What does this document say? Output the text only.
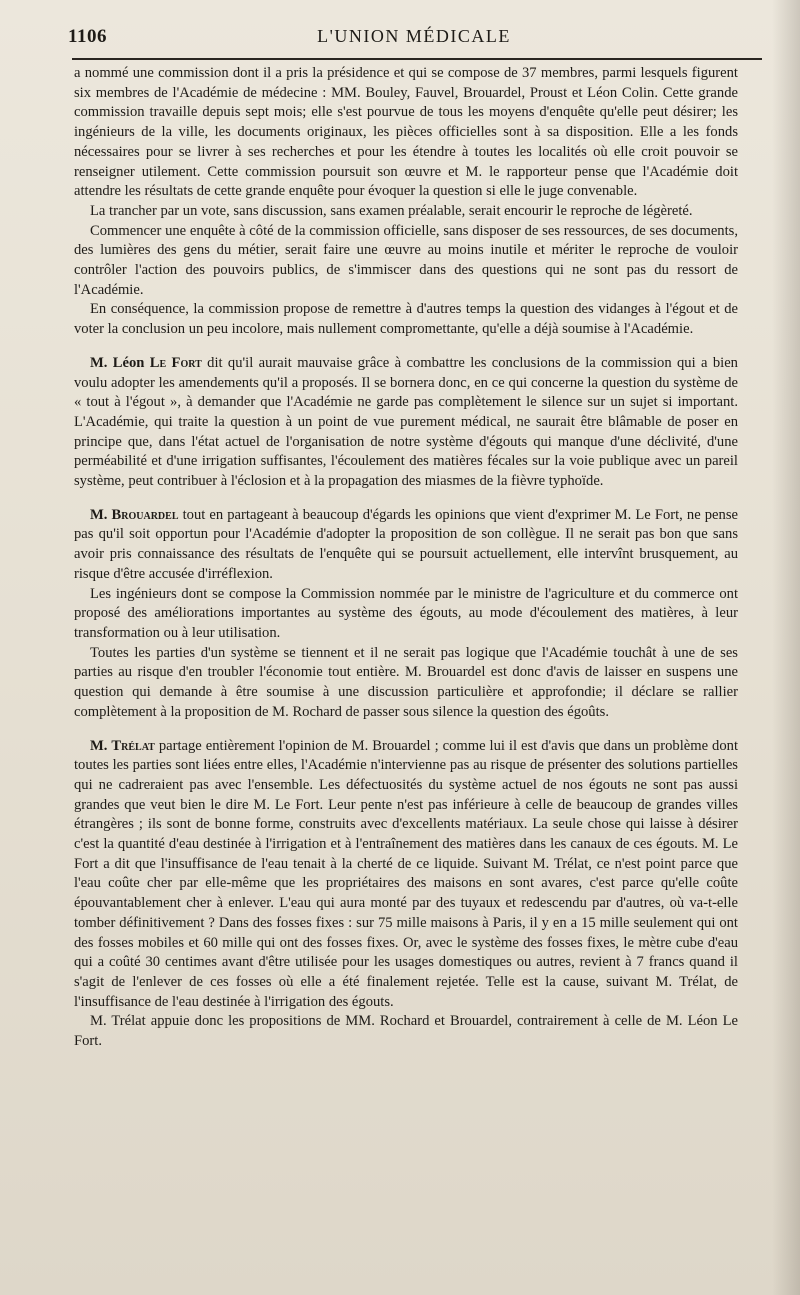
1106	L'UNION MÉDICALE

a nommé une commission dont il a pris la présidence et qui se compose de 37 membres, parmi lesquels figurent six membres de l'Académie de médecine : MM. Bouley, Fauvel, Brouardel, Proust et Léon Colin. Cette grande commission travaille depuis sept mois; elle s'est pourvue de tous les moyens d'enquête qu'elle peut désirer; les ingénieurs de la ville, les documents originaux, les pièces officielles sont à sa disposition. Elle a les fonds nécessaires pour se livrer à ses recherches et pour les étendre à toutes les localités où elle croit pouvoir se renseigner utilement. Cette commission poursuit son œuvre et M. le rapporteur pense que l'Académie doit attendre les résultats de cette grande enquête pour évoquer la question si elle le juge convenable.

La trancher par un vote, sans discussion, sans examen préalable, serait encourir le reproche de légèreté.

Commencer une enquête à côté de la commission officielle, sans disposer de ses ressources, de ses documents, des lumières des gens du métier, serait faire une œuvre au moins inutile et mériter le reproche de vouloir contrôler l'action des pouvoirs publics, de s'immiscer dans des questions qui ne sont pas du ressort de l'Académie.

En conséquence, la commission propose de remettre à d'autres temps la question des vidanges à l'égout et de voter la conclusion un peu incolore, mais nullement compromettante, qu'elle a déjà soumise à l'Académie.

M. Léon Le Fort dit qu'il aurait mauvaise grâce à combattre les conclusions de la commission qui a bien voulu adopter les amendements qu'il a proposés. Il se bornera donc, en ce qui concerne la question du système de « tout à l'égout », à demander que l'Académie ne garde pas complètement le silence sur un sujet si important. L'Académie, qui traite la question à un point de vue purement médical, ne saurait être blâmable de poser en principe que, dans l'état actuel de l'organisation de notre système d'égouts qui manque d'une déclivité, d'une perméabilité et d'une irrigation suffisantes, l'écoulement des matières fécales sur la voie publique avec un pareil système, peut contribuer à l'éclosion et à la propagation des miasmes de la fièvre typhoïde.

M. Brouardel tout en partageant à beaucoup d'égards les opinions que vient d'exprimer M. Le Fort, ne pense pas qu'il soit opportun pour l'Académie d'adopter la proposition de son collègue. Il ne serait pas bon que sans avoir pris connaissance des résultats de l'enquête qui se poursuit actuellement, elle intervînt brusquement, au risque d'être accusée d'irréflexion.

Les ingénieurs dont se compose la Commission nommée par le ministre de l'agriculture et du commerce ont proposé des améliorations importantes au système des égouts, au mode d'écoulement des matières, à leur transformation ou à leur utilisation.

Toutes les parties d'un système se tiennent et il ne serait pas logique que l'Académie touchât à une de ses parties au risque d'en troubler l'économie tout entière. M. Brouardel est donc d'avis de laisser en suspens une question qui demande à être soumise à une discussion particulière et approfondie; il déclare se rallier complètement à la proposition de M. Rochard de passer sous silence la question des égoûts.

M. Trélat partage entièrement l'opinion de M. Brouardel ; comme lui il est d'avis que dans un problème dont toutes les parties sont liées entre elles, l'Académie n'intervienne pas au risque de présenter des solutions partielles qui ne cadreraient pas avec l'ensemble. Les défectuosités du système actuel de nos égouts ne sont pas aussi grandes que veut bien le dire M. Le Fort. Leur pente n'est pas inférieure à celle de beaucoup de grandes villes étrangères ; ils sont de bonne forme, construits avec d'excellents matériaux. La seule chose qui laisse à désirer c'est la quantité d'eau destinée à l'irrigation et à l'entraînement des matières dans les canaux de ces égouts. M. Le Fort a dit que l'insuffisance de l'eau tenait à la cherté de ce liquide. Suivant M. Trélat, ce n'est point parce que l'eau coûte cher par elle-même que les propriétaires des maisons en sont avares, c'est parce qu'elle coûte épouvantablement cher à enlever. L'eau qui aura monté par des tuyaux et redescendu par d'autres, où va-t-elle tomber définitivement ? Dans des fosses fixes : sur 75 mille maisons à Paris, il y en a 15 mille seulement qui ont des fosses mobiles et 60 mille qui ont des fosses fixes. Or, avec le système des fosses fixes, le mètre cube d'eau qui a coûté 30 centimes avant d'être utilisée pour les usages domestiques ou autres, revient à 7 francs quand il s'agit de l'enlever de ces fosses où elle a été finalement rejetée. Telle est la cause, suivant M. Trélat, de l'insuffisance de l'eau destinée à l'irrigation des égouts.

M. Trélat appuie donc les propositions de MM. Rochard et Brouardel, contrairement à celle de M. Léon Le Fort.
